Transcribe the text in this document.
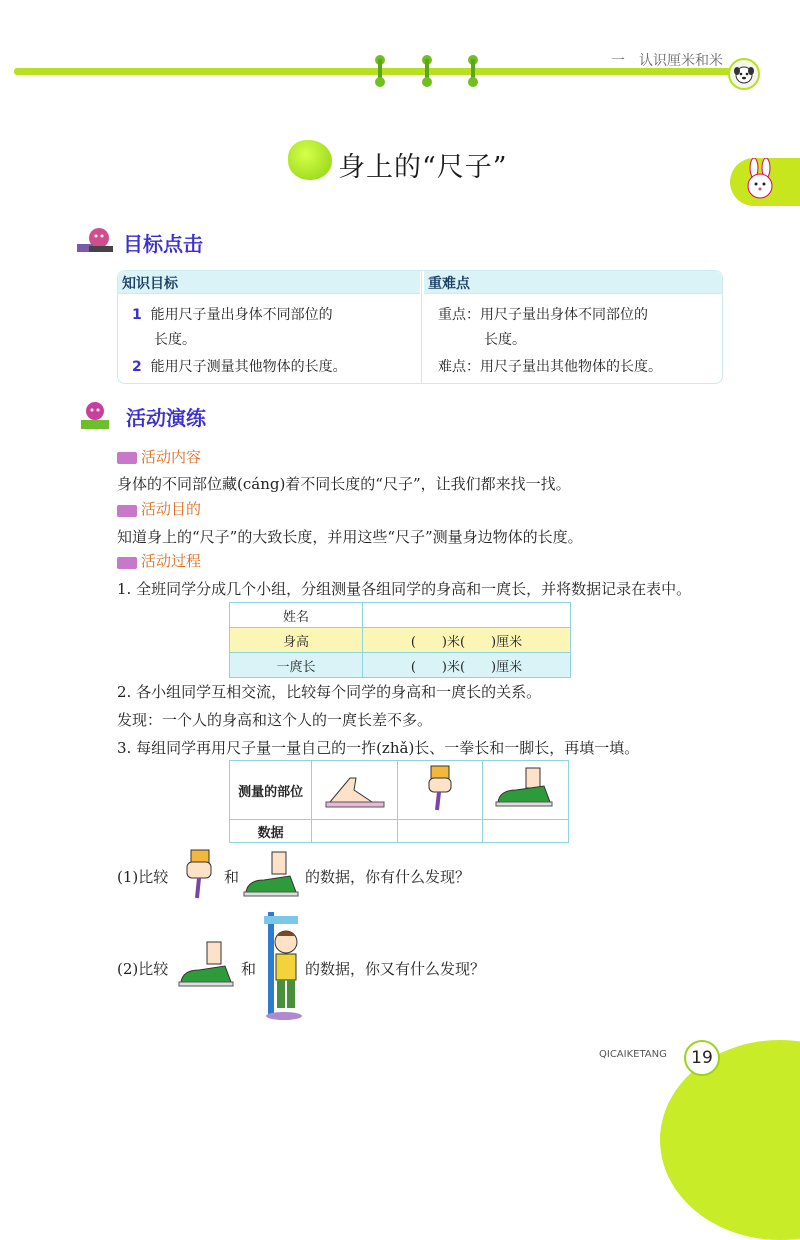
一　认识厘米和米
身上的“尺子”
目标点击
知识目标	重难点
1 能用尺子量出身体不同部位的
长度。
2 能用尺子测量其他物体的长度。
重点：用尺子量出身体不同部位的
长度。
难点：用尺子量出其他物体的长度。
活动演练
活动内容
身体的不同部位藏(cáng)着不同长度的“尺子”，让我们都来找一找。
活动目的
知道身上的“尺子”的大致长度，并用这些“尺子”测量身边物体的长度。
活动过程
1. 全班同学分成几个小组，分组测量各组同学的身高和一庹长，并将数据记录在表中。
姓名	
身高	(　　)米(　　)厘米
一庹长	(　　)米(　　)厘米
2. 各小组同学互相交流，比较每个同学的身高和一庹长的关系。
发现：一个人的身高和这个人的一庹长差不多。
3. 每组同学再用尺子量一量自己的一拃(zhǎ)长、一拳长和一脚长，再填一填。
测量的部位			
数据			
(1)比较	和	的数据，你有什么发现？
(2)比较	和	的数据，你又有什么发现？
QICAIKETANG	19
